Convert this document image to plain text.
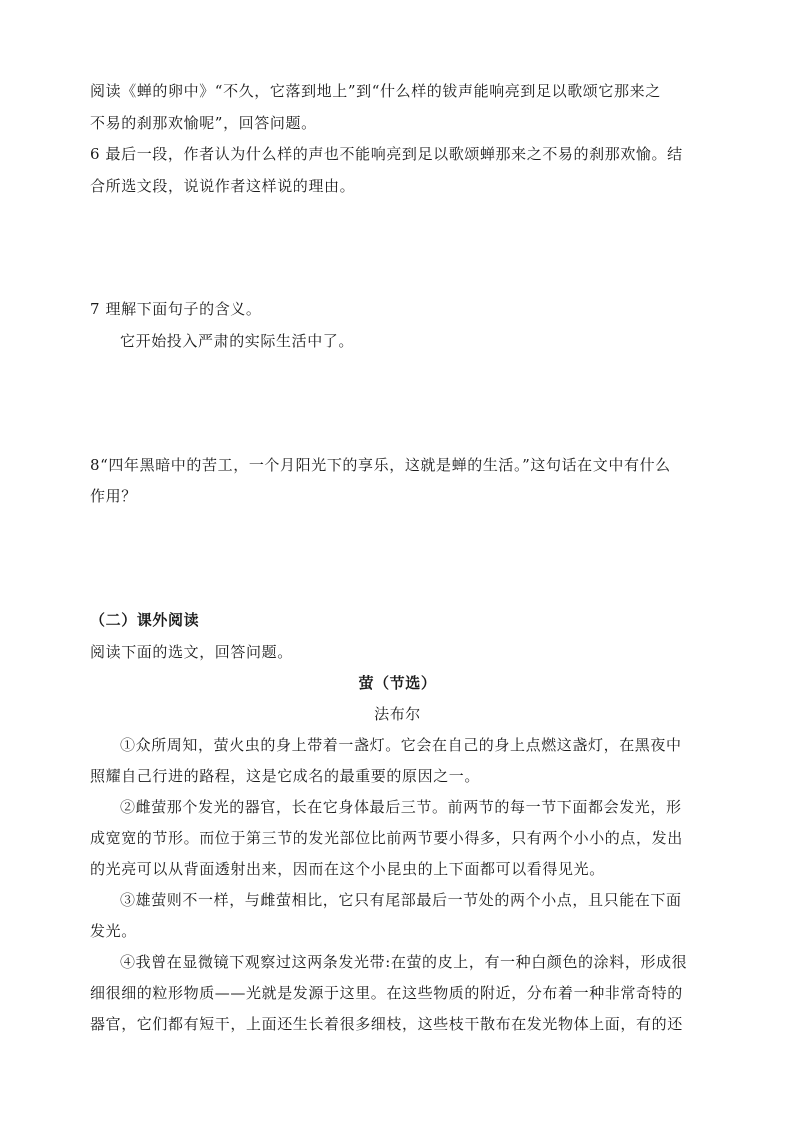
阅读《蝉的卵中》“不久，它落到地上”到“什么样的钹声能响亮到足以歌颂它那来之
不易的刹那欢愉呢”，回答问题。
6 最后一段，作者认为什么样的声也不能响亮到足以歌颂蝉那来之不易的刹那欢愉。结
合所选文段，说说作者这样说的理由。
7 理解下面句子的含义。
它开始投入严肃的实际生活中了。
8“四年黑暗中的苦工，一个月阳光下的享乐，这就是蝉的生活。”这句话在文中有什么
作用？
（二）课外阅读
阅读下面的选文，回答问题。
萤（节选）
法布尔
①众所周知，萤火虫的身上带着一盏灯。它会在自己的身上点燃这盏灯，在黑夜中
照耀自己行进的路程，这是它成名的最重要的原因之一。
②雌萤那个发光的器官，长在它身体最后三节。前两节的每一节下面都会发光，形
成宽宽的节形。而位于第三节的发光部位比前两节要小得多，只有两个小小的点，发出
的光亮可以从背面透射出来，因而在这个小昆虫的上下面都可以看得见光。
③雄萤则不一样，与雌萤相比，它只有尾部最后一节处的两个小点，且只能在下面
发光。
④我曾在显微镜下观察过这两条发光带:在萤的皮上，有一种白颜色的涂料，形成很
细很细的粒形物质——光就是发源于这里。在这些物质的附近，分布着一种非常奇特的
器官，它们都有短干，上面还生长着很多细枝，这些枝干散布在发光物体上面，有的还
